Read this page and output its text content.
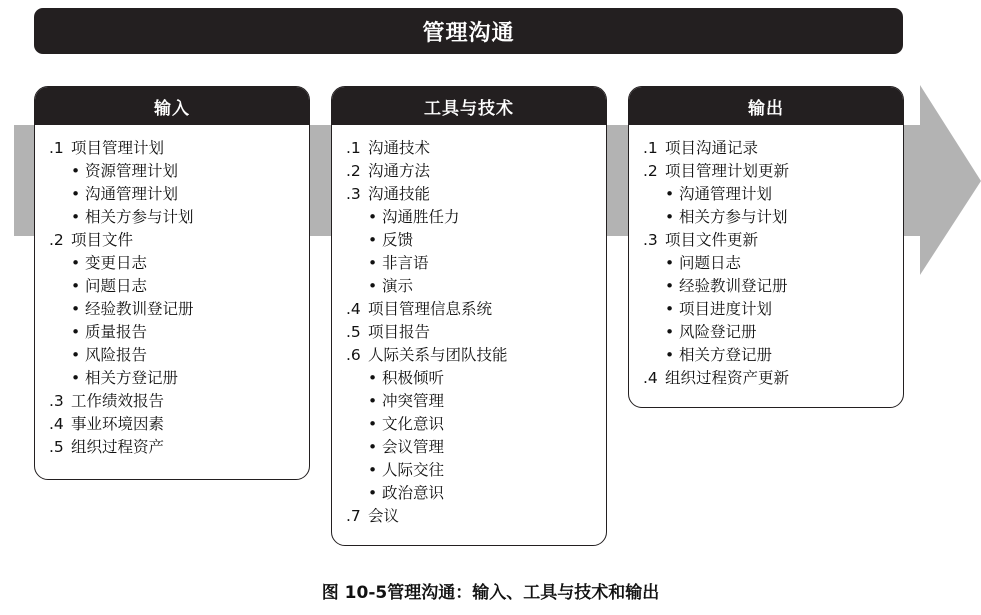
管理沟通
输入
.1 项目管理计划
• 资源管理计划
• 沟通管理计划
• 相关方参与计划
.2 项目文件
• 变更日志
• 问题日志
• 经验教训登记册
• 质量报告
• 风险报告
• 相关方登记册
.3 工作绩效报告
.4 事业环境因素
.5 组织过程资产
工具与技术
.1 沟通技术
.2 沟通方法
.3 沟通技能
• 沟通胜任力
• 反馈
• 非言语
• 演示
.4 项目管理信息系统
.5 项目报告
.6 人际关系与团队技能
• 积极倾听
• 冲突管理
• 文化意识
• 会议管理
• 人际交往
• 政治意识
.7 会议
输出
.1 项目沟通记录
.2 项目管理计划更新
• 沟通管理计划
• 相关方参与计划
.3 项目文件更新
• 问题日志
• 经验教训登记册
• 项目进度计划
• 风险登记册
• 相关方登记册
.4 组织过程资产更新
图 10-5管理沟通：输入、工具与技术和输出
